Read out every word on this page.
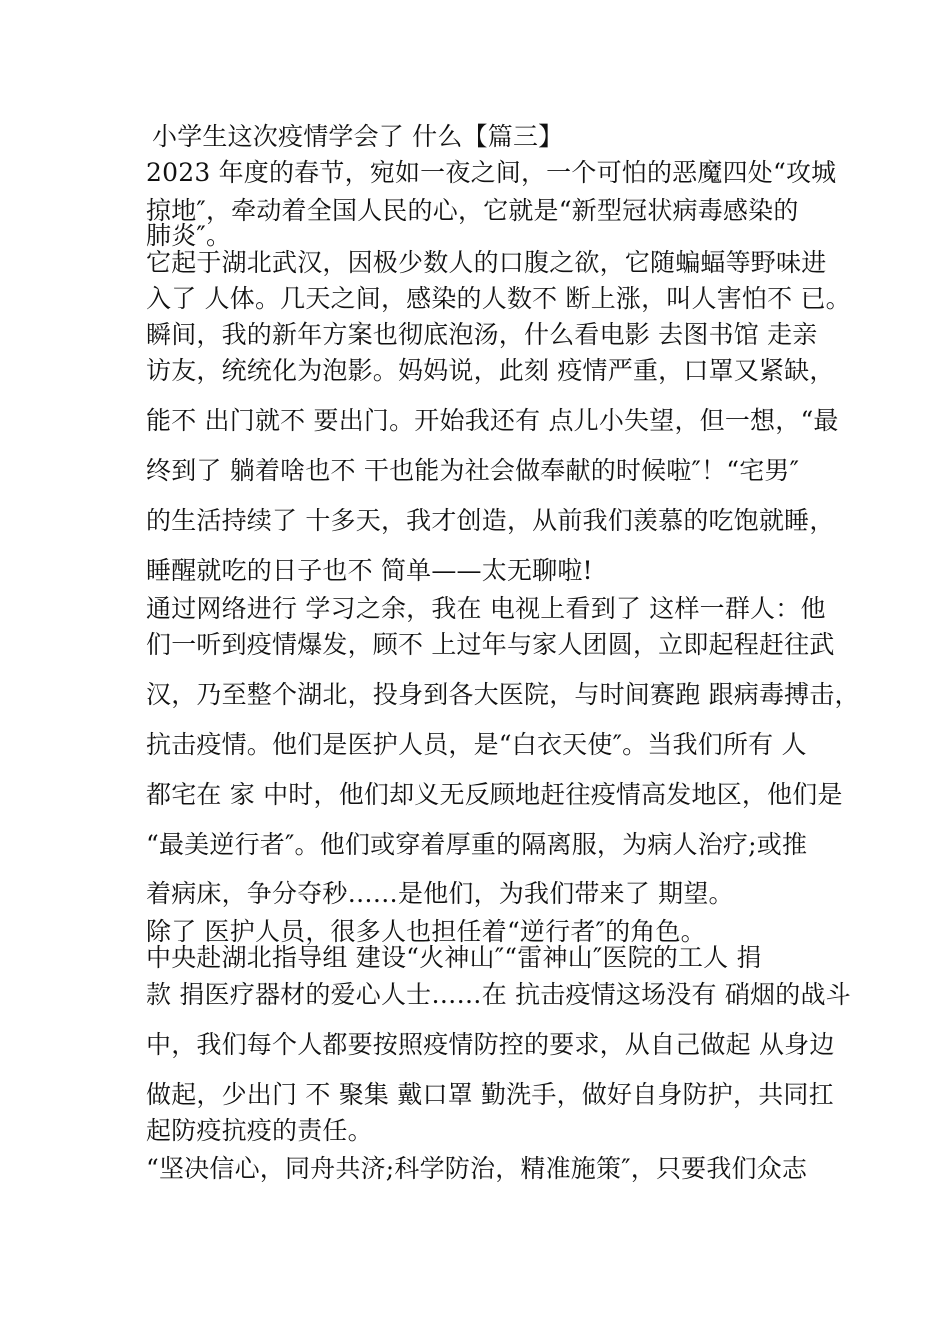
小学生这次疫情学会了 什么【篇三】
2023 年度的春节，宛如一夜之间，一个可怕的恶魔四处“攻城
掠地″，牵动着全国人民的心，它就是“新型冠状病毒感染的
肺炎″。
它起于湖北武汉，因极少数人的口腹之欲，它随蝙蝠等野味进
入了 人体。几天之间，感染的人数不 断上涨，叫人害怕不 已。
瞬间，我的新年方案也彻底泡汤，什么看电影 去图书馆 走亲
访友，统统化为泡影。妈妈说，此刻 疫情严重，口罩又紧缺，
能不 出门就不 要出门。开始我还有 点儿小失望，但一想，“最
终到了 躺着啥也不 干也能为社会做奉献的时候啦″！“宅男″
的生活持续了 十多天，我才创造，从前我们羡慕的吃饱就睡，
睡醒就吃的日子也不 简单——太无聊啦!
通过网络进行 学习之余，我在 电视上看到了 这样一群人：他
们一听到疫情爆发，顾不 上过年与家人团圆，立即起程赶往武
汉，乃至整个湖北，投身到各大医院，与时间赛跑 跟病毒搏击，
抗击疫情。他们是医护人员，是“白衣天使″。当我们所有 人
都宅在 家 中时，他们却义无反顾地赶往疫情高发地区，他们是
“最美逆行者″。他们或穿着厚重的隔离服，为病人治疗;或推
着病床，争分夺秒……是他们，为我们带来了 期望。
除了 医护人员，很多人也担任着“逆行者″的角色。
中央赴湖北指导组 建设“火神山″“雷神山″医院的工人 捐
款 捐医疗器材的爱心人士……在 抗击疫情这场没有 硝烟的战斗
中，我们每个人都要按照疫情防控的要求，从自己做起 从身边
做起，少出门 不 聚集 戴口罩 勤洗手，做好自身防护，共同扛
起防疫抗疫的责任。
“坚决信心，同舟共济;科学防治，精准施策″，只要我们众志
